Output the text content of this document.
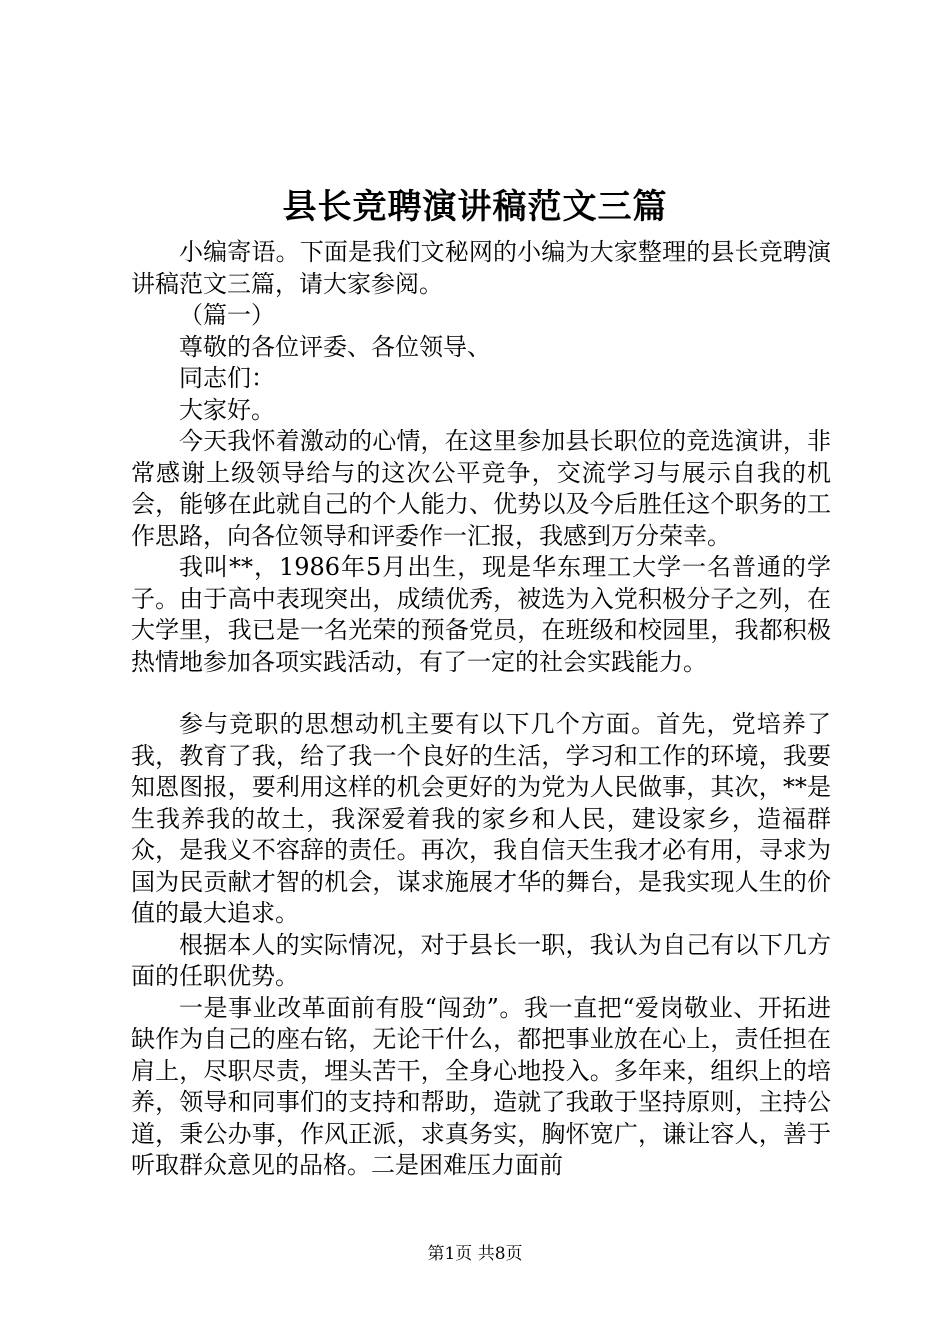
县长竞聘演讲稿范文三篇

小编寄语。下面是我们文秘网的小编为大家整理的县长竞聘演讲稿范文三篇，请大家参阅。

（篇一）

尊敬的各位评委、各位领导、

同志们：

大家好。

今天我怀着激动的心情，在这里参加县长职位的竞选演讲，非常感谢上级领导给与的这次公平竞争，交流学习与展示自我的机会，能够在此就自己的个人能力、优势以及今后胜任这个职务的工作思路，向各位领导和评委作一汇报，我感到万分荣幸。

我叫**，1986年5月出生，现是华东理工大学一名普通的学子。由于高中表现突出，成绩优秀，被选为入党积极分子之列，在大学里，我已是一名光荣的预备党员，在班级和校园里，我都积极热情地参加各项实践活动，有了一定的社会实践能力。

参与竞职的思想动机主要有以下几个方面。首先，党培养了我，教育了我，给了我一个良好的生活，学习和工作的环境，我要知恩图报，要利用这样的机会更好的为党为人民做事，其次，**是生我养我的故土，我深爱着我的家乡和人民，建设家乡，造福群众，是我义不容辞的责任。再次，我自信天生我才必有用，寻求为国为民贡献才智的机会，谋求施展才华的舞台，是我实现人生的价值的最大追求。

根据本人的实际情况，对于县长一职，我认为自己有以下几方面的任职优势。

一是事业改革面前有股“闯劲”。我一直把“爱岗敬业、开拓进缺作为自己的座右铭，无论干什么，都把事业放在心上，责任担在肩上，尽职尽责，埋头苦干，全身心地投入。多年来，组织上的培养，领导和同事们的支持和帮助，造就了我敢于坚持原则，主持公道，秉公办事，作风正派，求真务实，胸怀宽广，谦让容人，善于听取群众意见的品格。二是困难压力面前

第1页 共8页
